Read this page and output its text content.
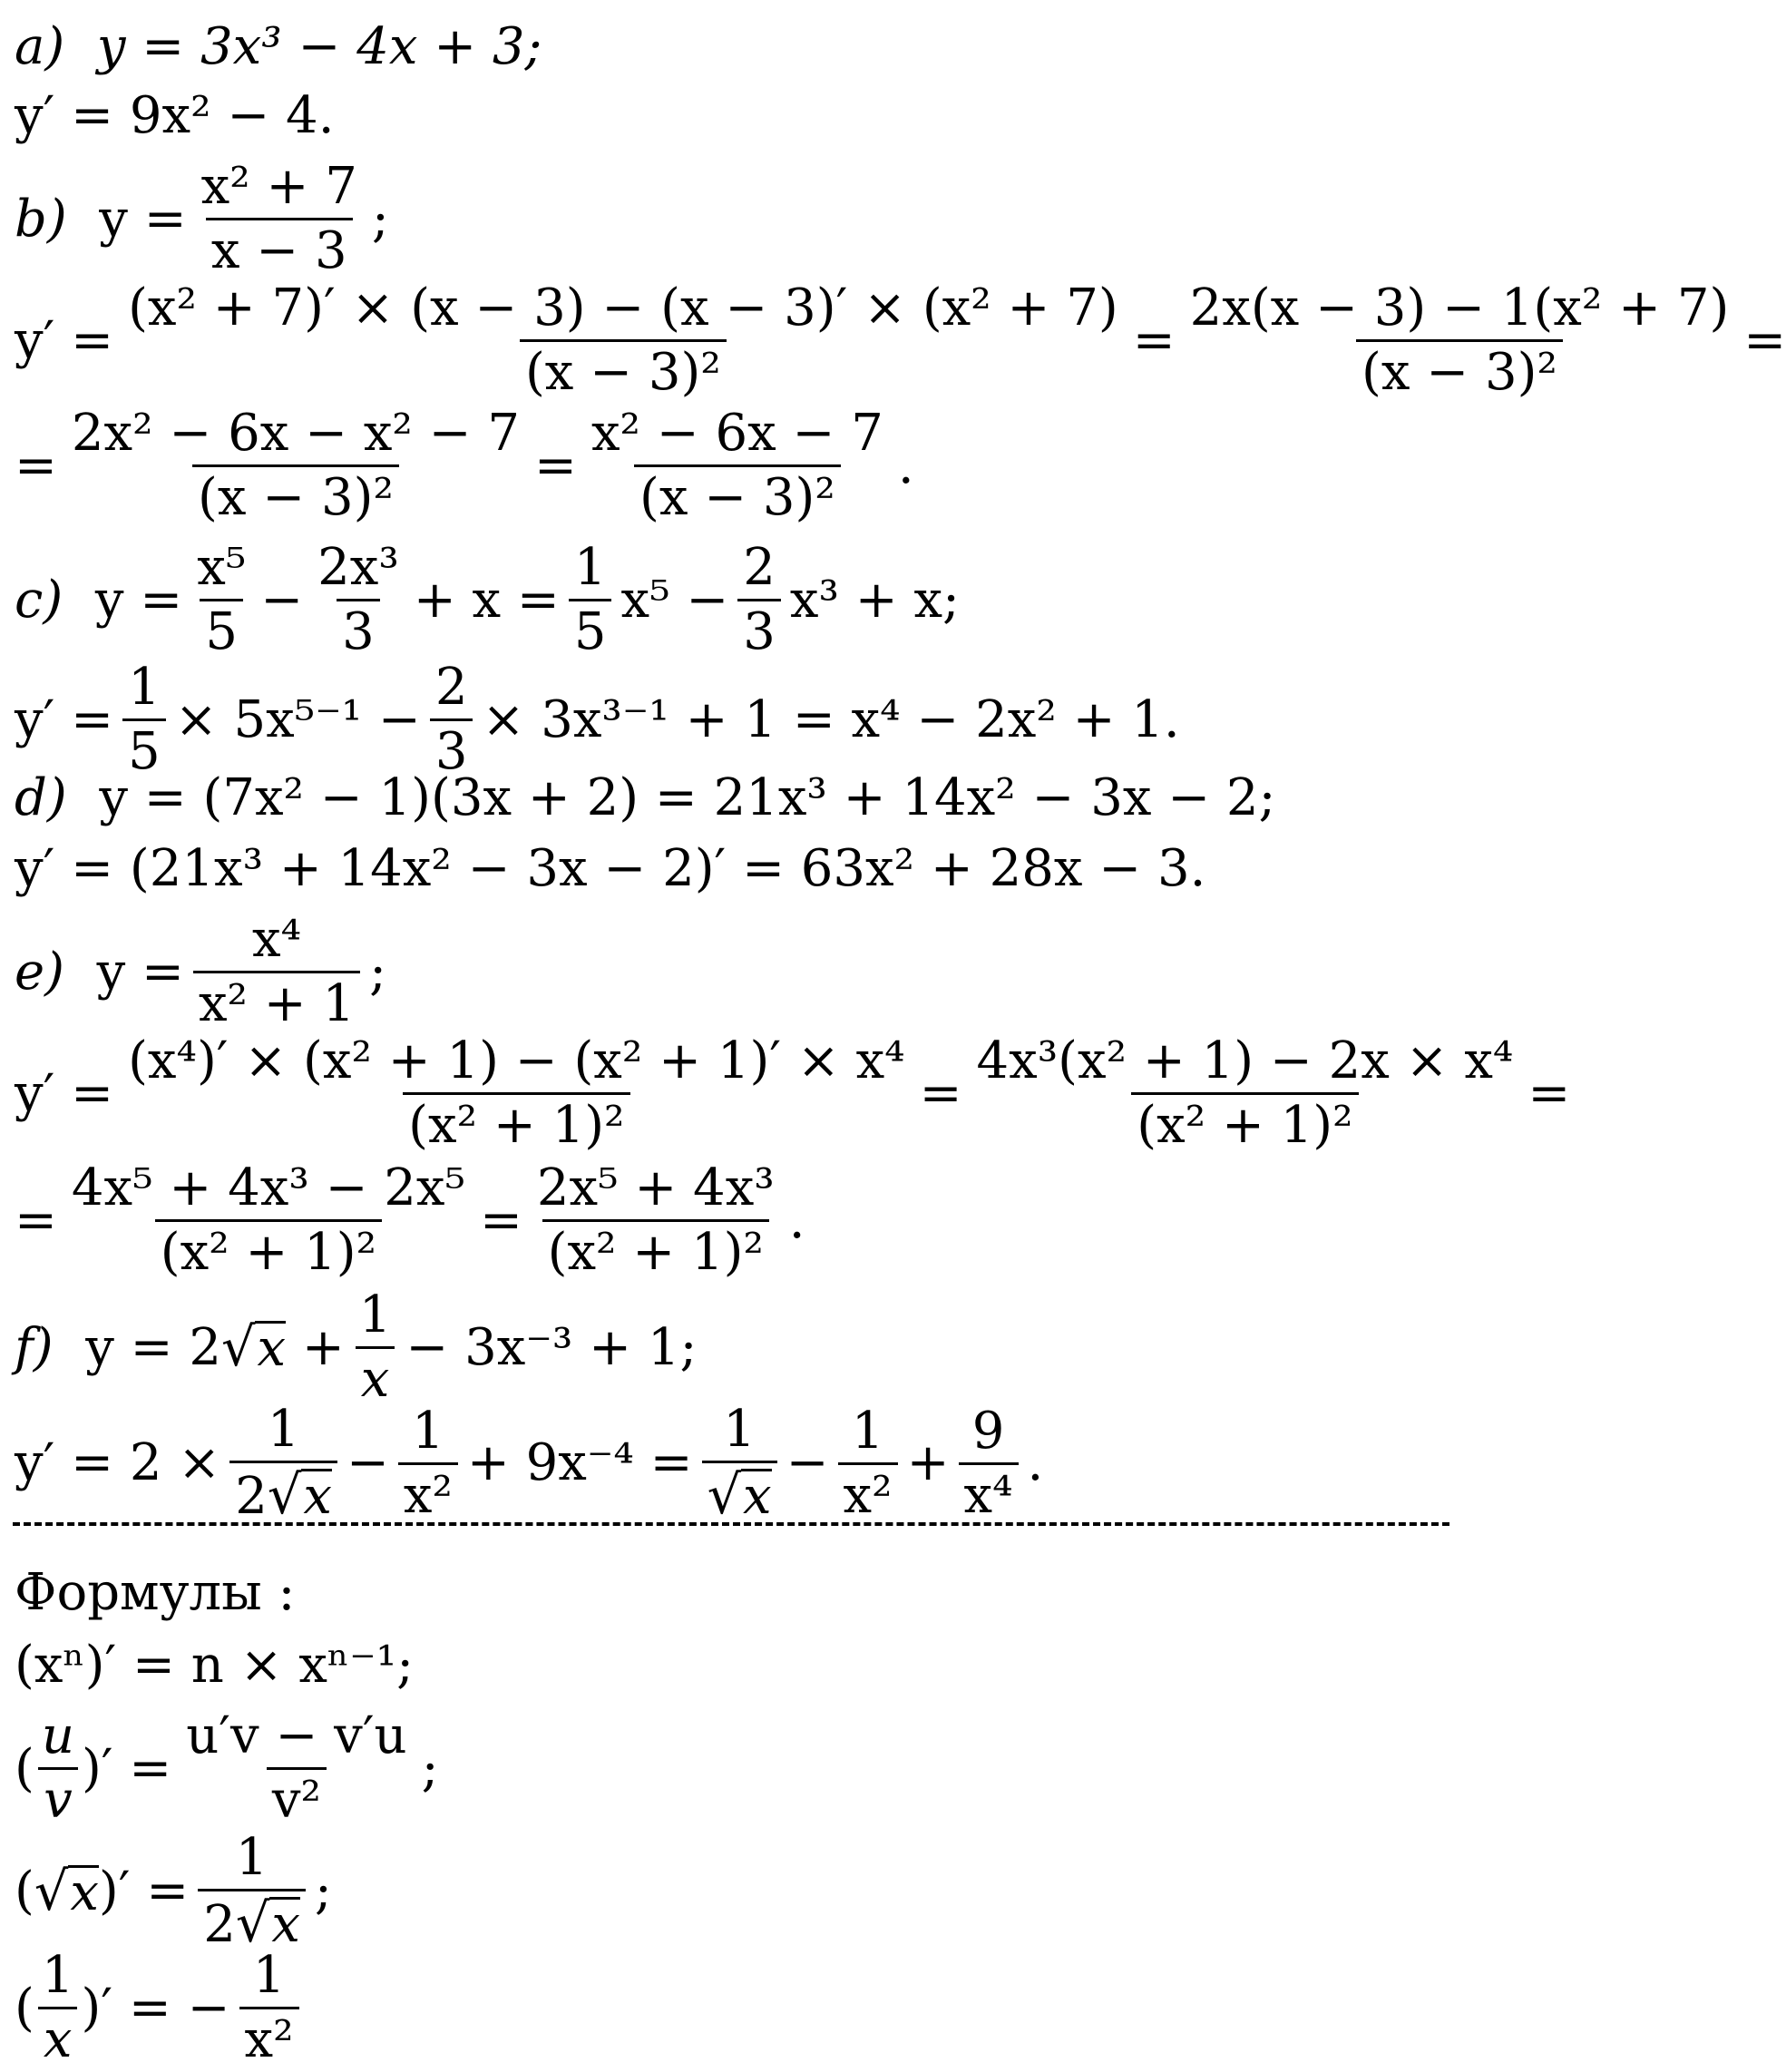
a)
y = 3x³ − 4x + 3;
y′ = 9x² − 4.
b) $y = \frac{\text{x² + 7}}{x - 3}$ ;
$y' = \frac{\text{(x² + 7)′ × (x − 3) − (x − 3)′ × (x² + 7)}}{\text{(x − 3)²}} = \frac{\text{2x(x − 3) − 1(x² + 7)}}{\text{(x − 3)²}}$ =
= $\frac{\text{2x² − 6x − x² − 7}}{\text{(x − 3)²}} = \frac{\text{x² − 6x − 7}}{\text{(x − 3)²}}$ .
c) $y = \frac{\text{x⁵}}{5} - \frac{\text{2x³}}{3} + x = \frac{1}{5} x^5 - \frac{2}{3} x^3 + x$;
$y' = \frac{1}{5} \times 5x^{5-1} - \frac{2}{3} \times 3x^{3-1} + 1 = x^4 - 2x^2 + 1$.
d)
y = (7x² − 1)(3x + 2) = 21x³ + 14x² − 3x − 2;
y′ = (21x³ + 14x² − 3x − 2)′ = 63x² + 28x − 3.
e) $y = \frac{\text{x⁴}}{\text{x² + 1}}$ ;
$y' = \frac{\text{(x⁴)′ × (x² + 1) − (x² + 1)′ × x⁴}}{\text{(x² + 1)²}} = \frac{\text{4x³(x² + 1) − 2x × x⁴}}{\text{(x² + 1)²}}$ =
= $\frac{\text{4x⁵ + 4x³ − 2x⁵}}{\text{(x² + 1)²}} = \frac{\text{2x⁵ + 4x³}}{\text{(x² + 1)²}}$ .
f)
y = 2 √ x
+ $\frac{1}{x} - 3x^{-3} + 1$;
$y' = 2 \times \frac{1}{2 √ x} - \frac{1}{\text{x²}} + 9x^{-4} = \frac{1}{√ x} - \frac{1}{\text{x²}} + \frac{9}{\text{x⁴}}$ .
Формулы :
(xⁿ)′ = n × xⁿ⁻¹;
(
u
v
)′ = $\frac{u'v - v'u}{\text{v²}}$ ;
( √ x )′ = $\frac{1}{2 √ x}$ ;
(
1
x
)′ = − $\frac{1}{\text{x²}}$
